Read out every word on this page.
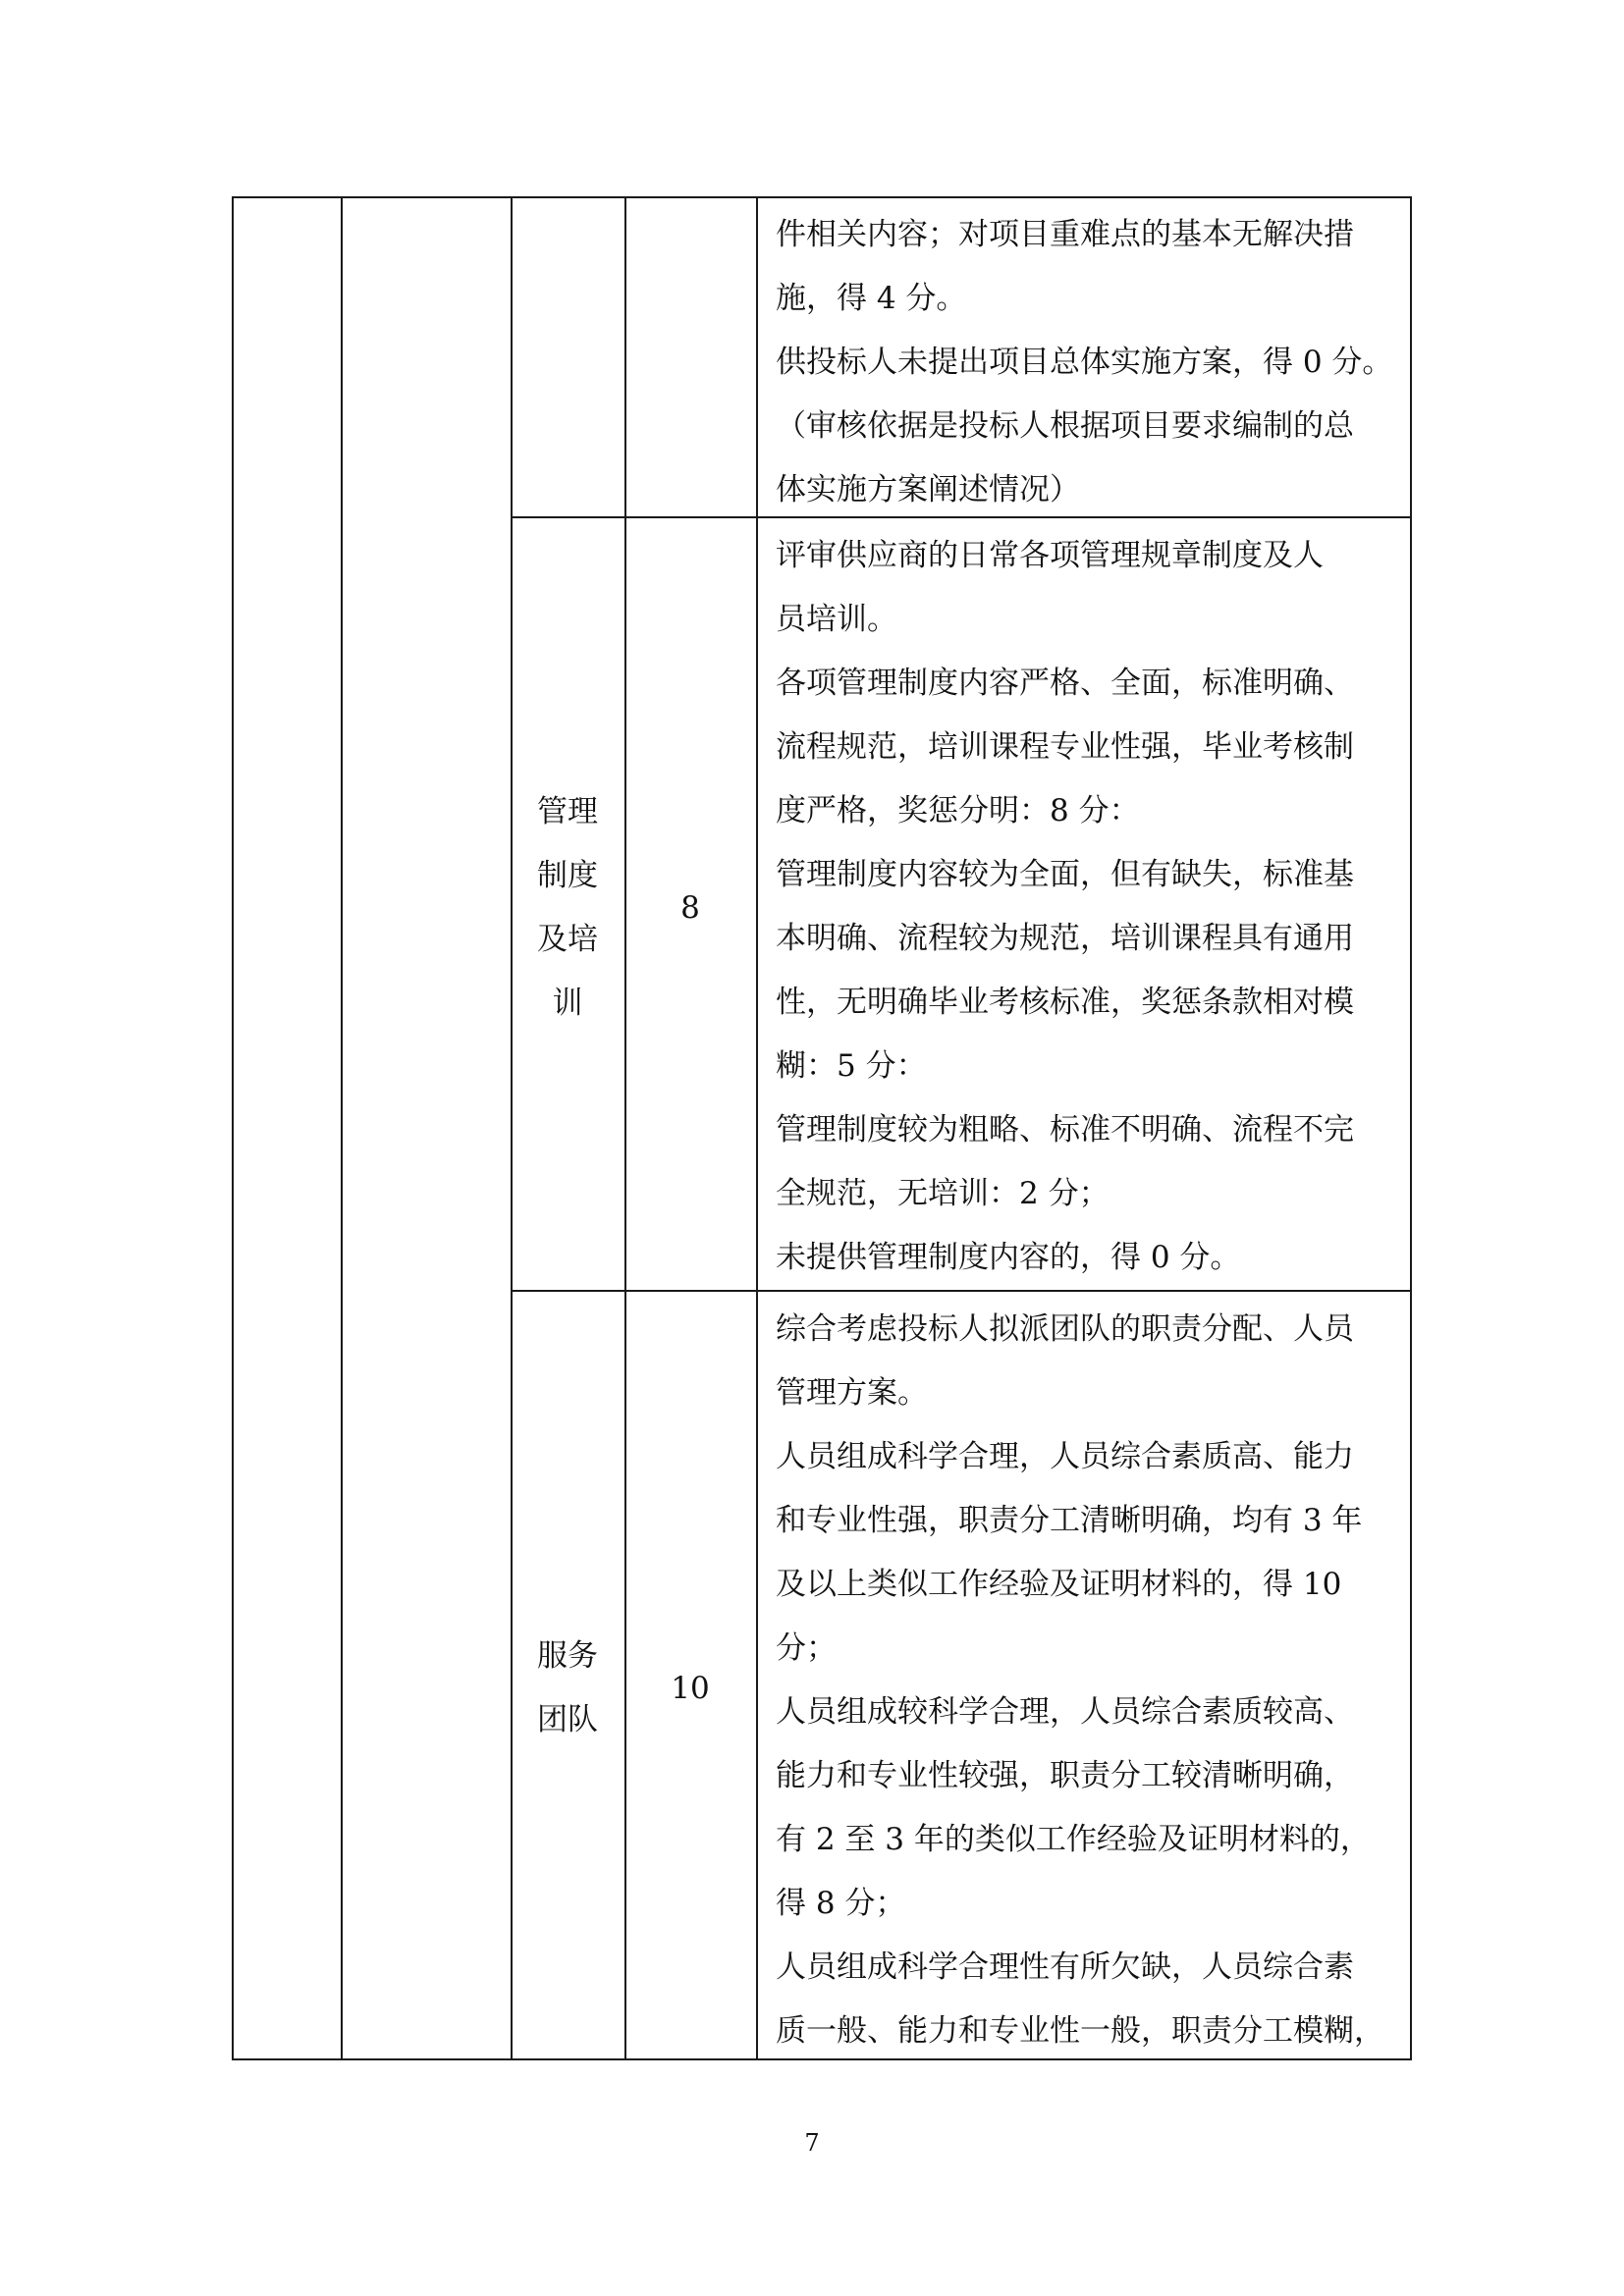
件相关内容；对项目重难点的基本无解决措
施，得 4 分。
供投标人未提出项目总体实施方案，得 0 分。
（审核依据是投标人根据项目要求编制的总
体实施方案阐述情况）
管理
制度
及培
训
8
评审供应商的日常各项管理规章制度及人
员培训。
各项管理制度内容严格、全面，标准明确、
流程规范，培训课程专业性强，毕业考核制
度严格，奖惩分明：8 分：
管理制度内容较为全面，但有缺失，标准基
本明确、流程较为规范，培训课程具有通用
性，无明确毕业考核标准，奖惩条款相对模
糊：5 分：
管理制度较为粗略、标准不明确、流程不完
全规范，无培训：2 分；
未提供管理制度内容的，得 0 分。
服务
团队
10
综合考虑投标人拟派团队的职责分配、人员
管理方案。
人员组成科学合理，人员综合素质高、能力
和专业性强，职责分工清晰明确，均有 3 年
及以上类似工作经验及证明材料的，得 10
分；
人员组成较科学合理，人员综合素质较高、
能力和专业性较强，职责分工较清晰明确，
有 2 至 3 年的类似工作经验及证明材料的，
得 8 分；
人员组成科学合理性有所欠缺，人员综合素
质一般、能力和专业性一般，职责分工模糊，
7
